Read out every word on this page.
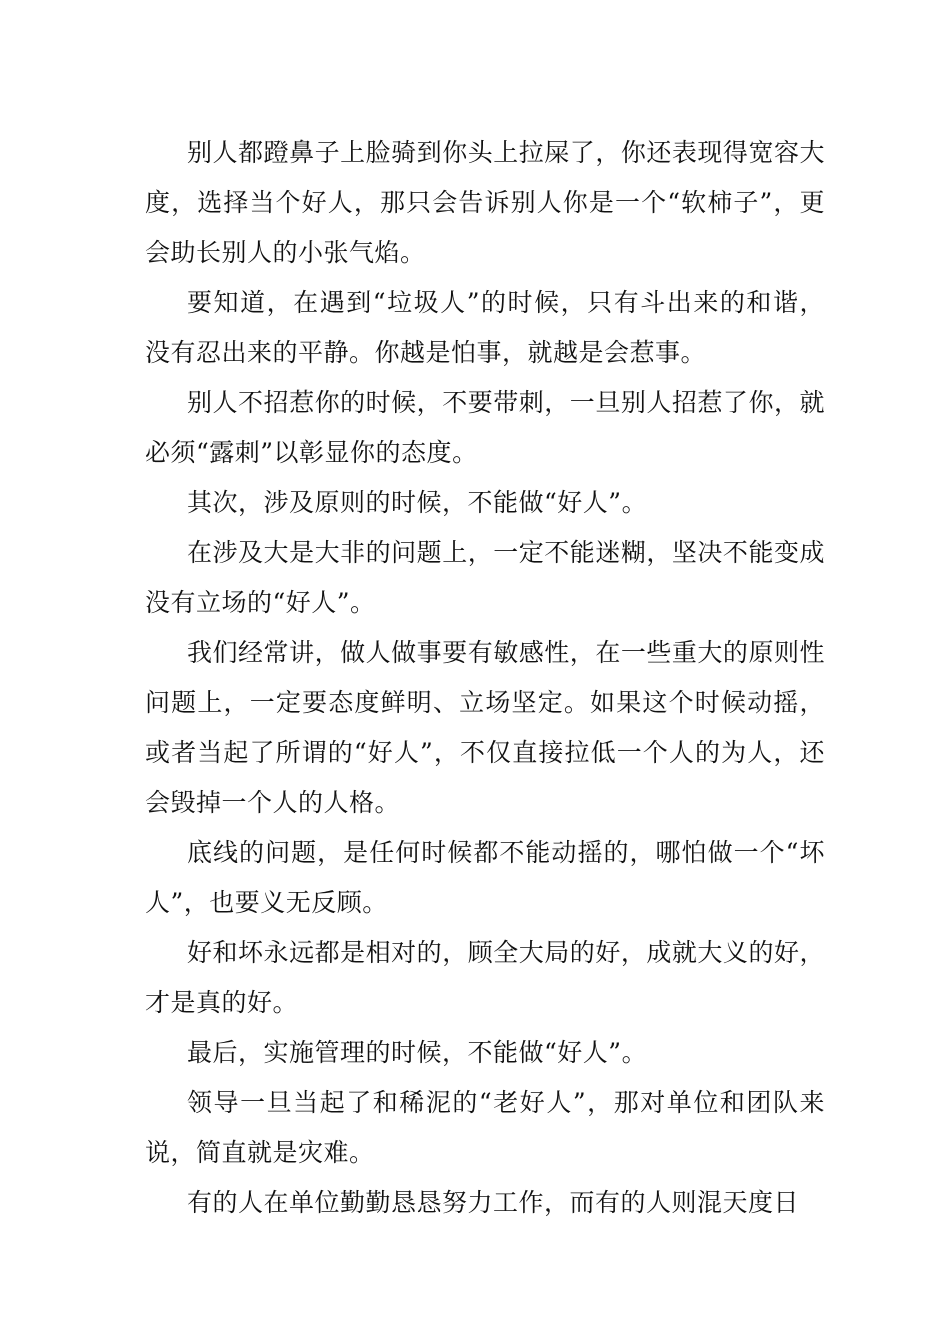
别人都蹬鼻子上脸骑到你头上拉屎了，你还表现得宽容大度，选择当个好人，那只会告诉别人你是一个“软柿子”，更会助长别人的小张气焰。

要知道，在遇到“垃圾人”的时候，只有斗出来的和谐，没有忍出来的平静。你越是怕事，就越是会惹事。

别人不招惹你的时候，不要带刺，一旦别人招惹了你，就必须“露刺”以彰显你的态度。

其次，涉及原则的时候，不能做“好人”。

在涉及大是大非的问题上，一定不能迷糊，坚决不能变成没有立场的“好人”。

我们经常讲，做人做事要有敏感性，在一些重大的原则性问题上，一定要态度鲜明、立场坚定。如果这个时候动摇，或者当起了所谓的“好人”，不仅直接拉低一个人的为人，还会毁掉一个人的人格。

底线的问题，是任何时候都不能动摇的，哪怕做一个“坏人”，也要义无反顾。

好和坏永远都是相对的，顾全大局的好，成就大义的好，才是真的好。

最后，实施管理的时候，不能做“好人”。

领导一旦当起了和稀泥的“老好人”，那对单位和团队来说，简直就是灾难。

有的人在单位勤勤恳恳努力工作，而有的人则混天度日
